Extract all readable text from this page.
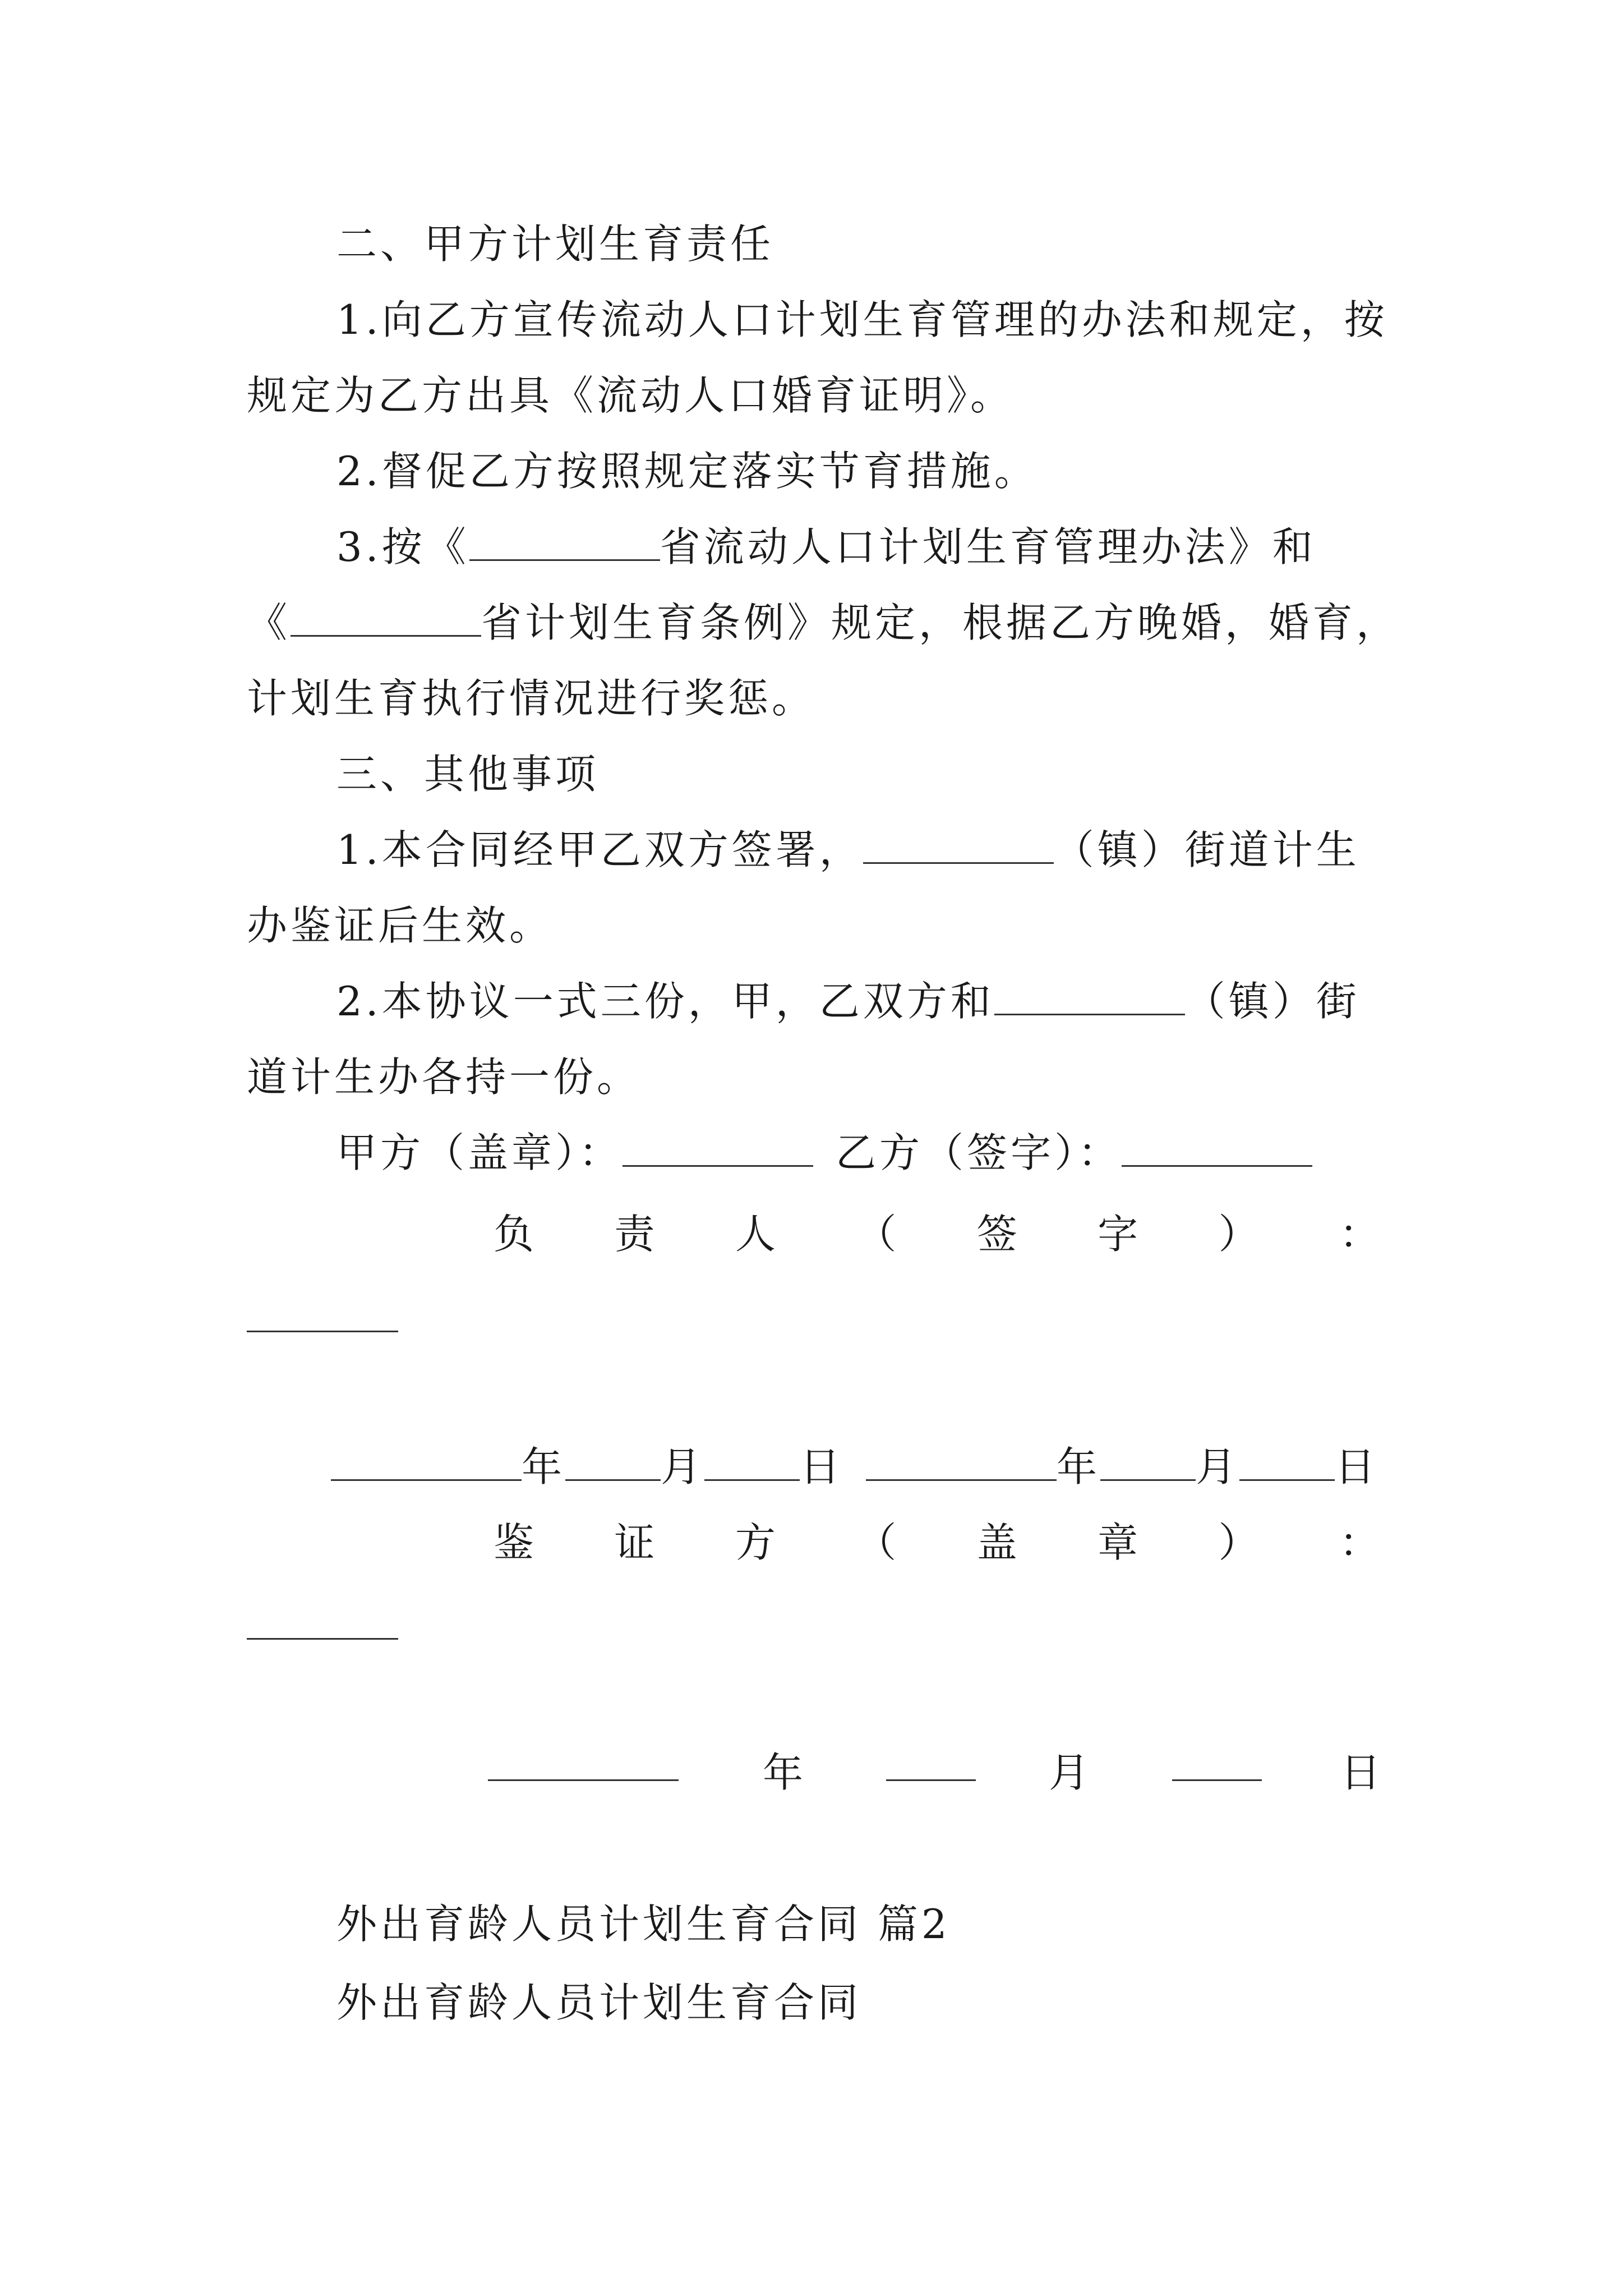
二、甲方计划生育责任
1.向乙方宣传流动人口计划生育管理的办法和规定，按
规定为乙方出具《流动人口婚育证明》。
2.督促乙方按照规定落实节育措施。
3.按《	省流动人口计划生育管理办法》和
《	省计划生育条例》规定，根据乙方晚婚，婚育，
计划生育执行情况进行奖惩。
三、其他事项
1.本合同经甲乙双方签署，	（镇）街道计生
办鉴证后生效。
2.本协议一式三份，甲，乙双方和	（镇）街
道计生办各持一份。
甲方（盖章）：	乙方（签字）：
负 责 人 （ 签 字 ） ：
年 月 日	年 月 日
鉴 证 方 （ 盖 章 ） ：
年	月	日
外出育龄人员计划生育合同 篇2
外出育龄人员计划生育合同
